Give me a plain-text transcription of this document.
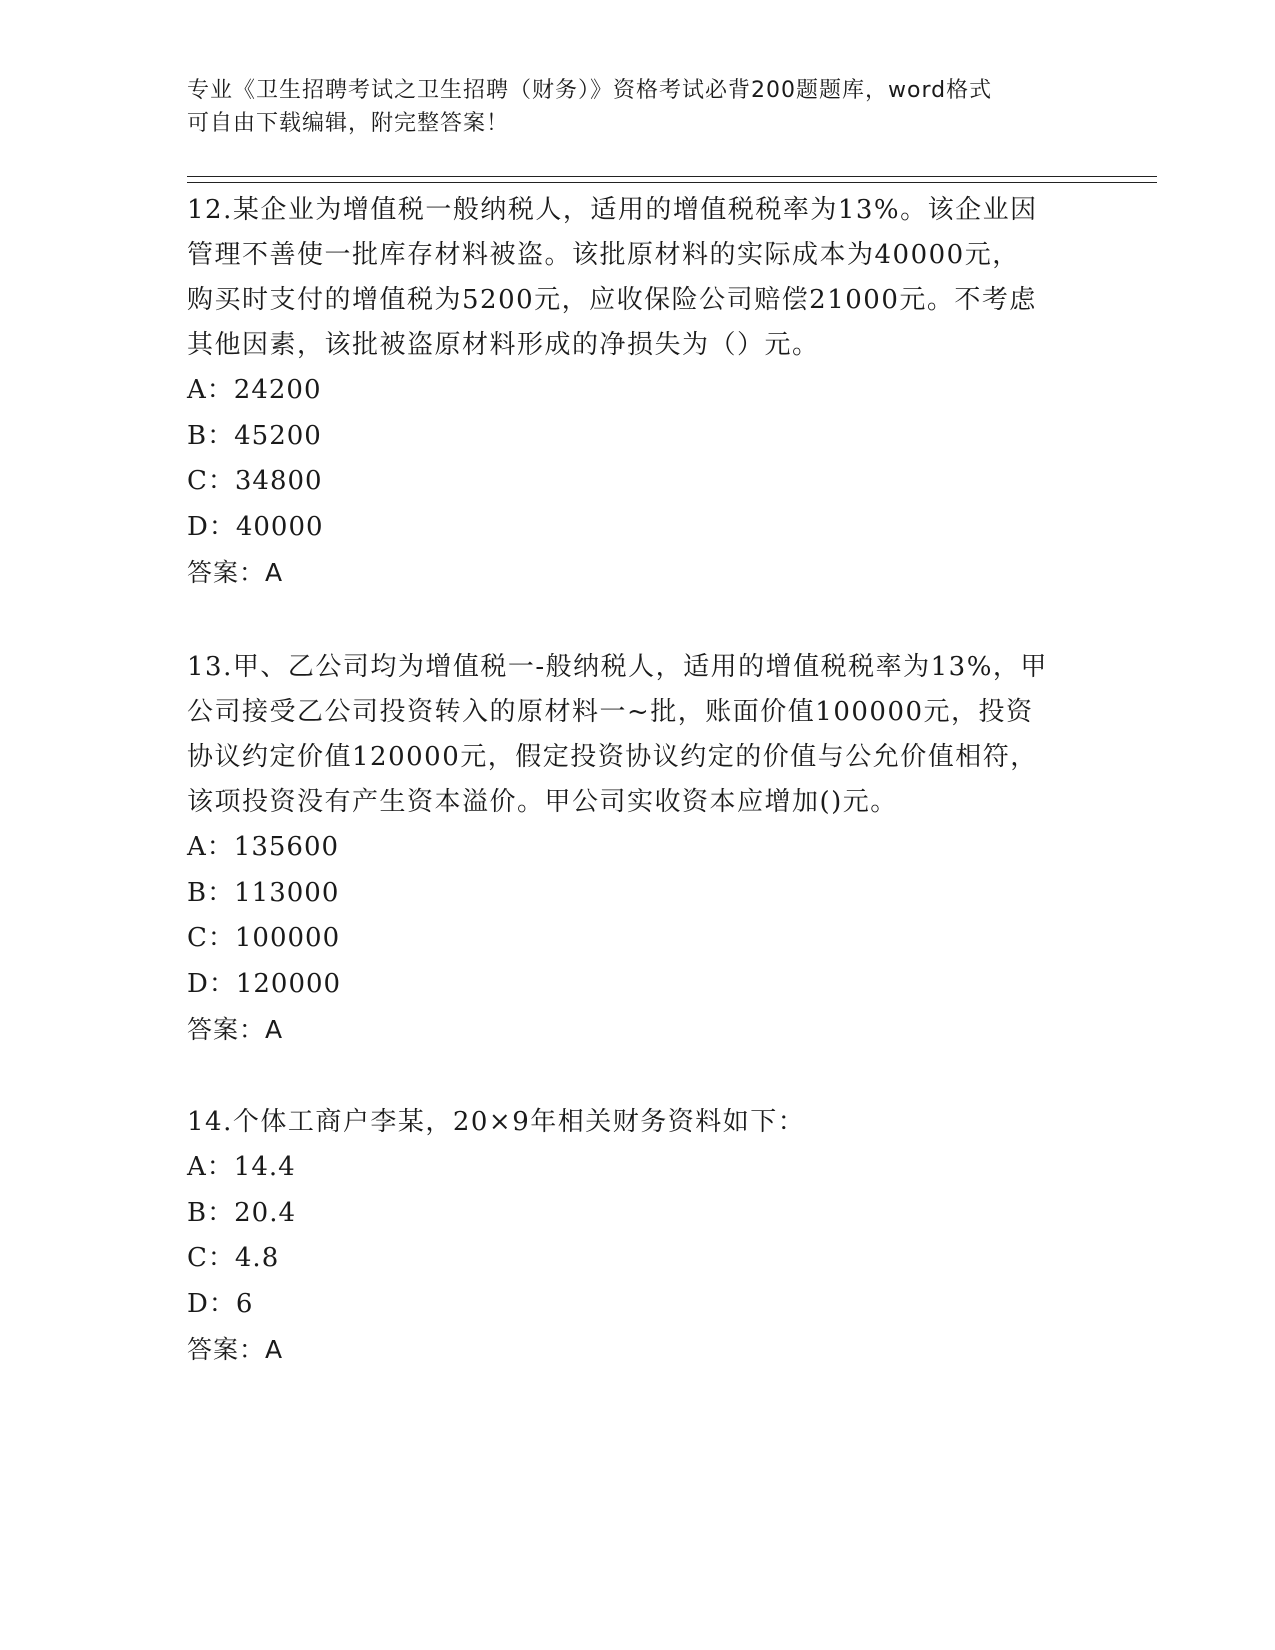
专业《卫生招聘考试之卫生招聘（财务）》资格考试必背200题题库，word格式
可自由下载编辑，附完整答案！
12.某企业为增值税一般纳税人，适用的增值税税率为13%。该企业因
管理不善使一批库存材料被盗。该批原材料的实际成本为40000元，
购买时支付的增值税为5200元，应收保险公司赔偿21000元。不考虑
其他因素，该批被盗原材料形成的净损失为（）元。
A：24200
B：45200
C：34800
D：40000
答案：A
13.甲、乙公司均为增值税一-般纳税人，适用的增值税税率为13%，甲
公司接受乙公司投资转入的原材料一~批，账面价值100000元，投资
协议约定价值120000元，假定投资协议约定的价值与公允价值相符，
该项投资没有产生资本溢价。甲公司实收资本应增加()元。
A：135600
B：113000
C：100000
D：120000
答案：A
14.个体工商户李某，20×9年相关财务资料如下：
A：14.4
B：20.4
C：4.8
D：6
答案：A
